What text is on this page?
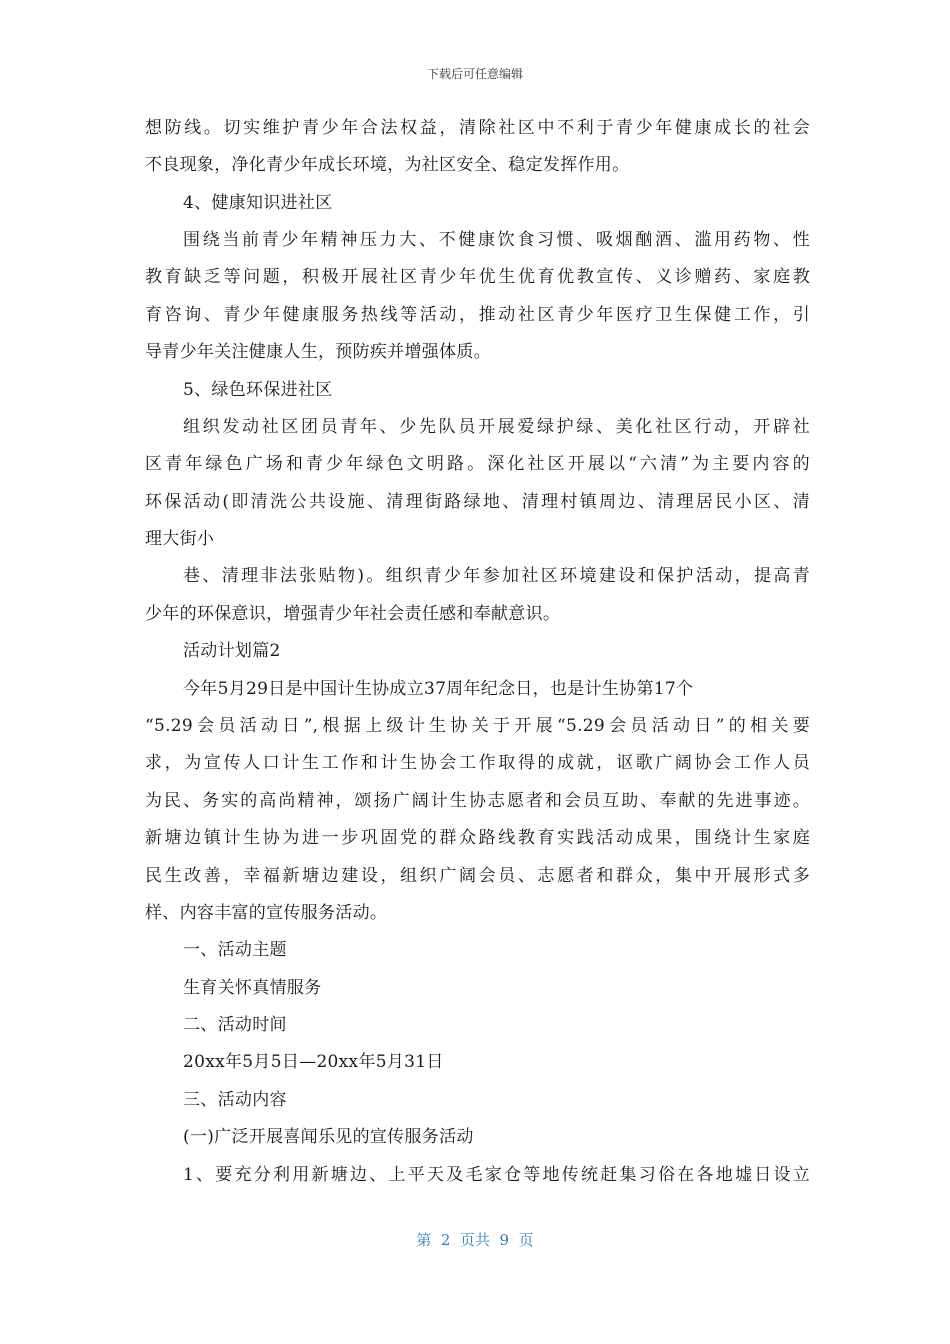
下载后可任意编辑
想防线。切实维护青少年合法权益，清除社区中不利于青少年健康成长的社会
不良现象，净化青少年成长环境，为社区安全、稳定发挥作用。
4、健康知识进社区
围绕当前青少年精神压力大、不健康饮食习惯、吸烟酗酒、滥用药物、性
教育缺乏等问题，积极开展社区青少年优生优育优教宣传、义诊赠药、家庭教
育咨询、青少年健康服务热线等活动，推动社区青少年医疗卫生保健工作，引
导青少年关注健康人生，预防疾并增强体质。
5、绿色环保进社区
组织发动社区团员青年、少先队员开展爱绿护绿、美化社区行动，开辟社
区青年绿色广场和青少年绿色文明路。深化社区开展以“六清”为主要内容的
环保活动(即清洗公共设施、清理街路绿地、清理村镇周边、清理居民小区、清
理大街小
巷、清理非法张贴物)。组织青少年参加社区环境建设和保护活动，提高青
少年的环保意识，增强青少年社会责任感和奉献意识。
活动计划篇2
今年5月29日是中国计生协成立37周年纪念日，也是计生协第17个
“5.29会员活动日”,根据上级计生协关于开展“5.29会员活动日”的相关要
求，为宣传人口计生工作和计生协会工作取得的成就，讴歌广阔协会工作人员
为民、务实的高尚精神，颂扬广阔计生协志愿者和会员互助、奉献的先进事迹。
新塘边镇计生协为进一步巩固党的群众路线教育实践活动成果，围绕计生家庭
民生改善，幸福新塘边建设，组织广阔会员、志愿者和群众，集中开展形式多
样、内容丰富的宣传服务活动。
一、活动主题
生育关怀真情服务
二、活动时间
20xx年5月5日—20xx年5月31日
三、活动内容
(一)广泛开展喜闻乐见的宣传服务活动
1、要充分利用新塘边、上平天及毛家仓等地传统赶集习俗在各地墟日设立
第  2  页共  9  页
